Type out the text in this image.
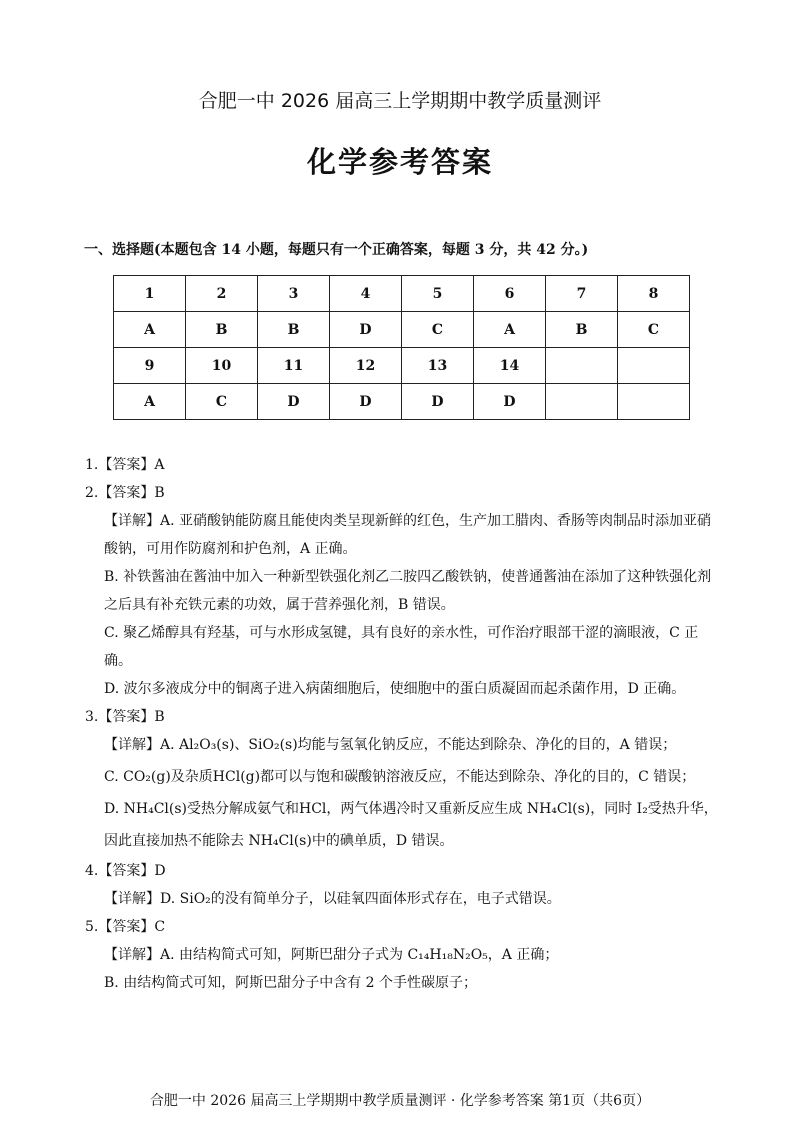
合肥一中 2026 届高三上学期期中教学质量测评
化学参考答案
一、选择题(本题包含 14 小题，每题只有一个正确答案，每题 3 分，共 42 分。)
1	2	3	4	5	6	7	8
A	B	B	D	C	A	B	C
9	10	11	12	13	14		
A	C	D	D	D	D		
1.【答案】A
2.【答案】B
【详解】A. 亚硝酸钠能防腐且能使肉类呈现新鲜的红色，生产加工腊肉、香肠等肉制品时添加亚硝
酸钠，可用作防腐剂和护色剂，A 正确。
B. 补铁酱油在酱油中加入一种新型铁强化剂乙二胺四乙酸铁钠，使普通酱油在添加了这种铁强化剂
之后具有补充铁元素的功效，属于营养强化剂，B 错误。
C. 聚乙烯醇具有羟基，可与水形成氢键，具有良好的亲水性，可作治疗眼部干涩的滴眼液，C 正
确。
D. 波尔多液成分中的铜离子进入病菌细胞后，使细胞中的蛋白质凝固而起杀菌作用，D 正确。
3.【答案】B
【详解】A. Al₂O₃(s)、SiO₂(s)均能与氢氧化钠反应，不能达到除杂、净化的目的，A 错误；
C. CO₂(g)及杂质HCl(g)都可以与饱和碳酸钠溶液反应，不能达到除杂、净化的目的，C 错误；
D. NH₄Cl(s)受热分解成氨气和HCl，两气体遇冷时又重新反应生成 NH₄Cl(s)，同时 I₂受热升华，
因此直接加热不能除去 NH₄Cl(s)中的碘单质，D 错误。
4.【答案】D
【详解】D. SiO₂的没有简单分子，以硅氧四面体形式存在，电子式错误。
5.【答案】C
【详解】A. 由结构简式可知，阿斯巴甜分子式为 C₁₄H₁₈N₂O₅，A 正确；
B. 由结构简式可知，阿斯巴甜分子中含有 2 个手性碳原子；
合肥一中 2026 届高三上学期期中教学质量测评 · 化学参考答案 第1页（共6页）
